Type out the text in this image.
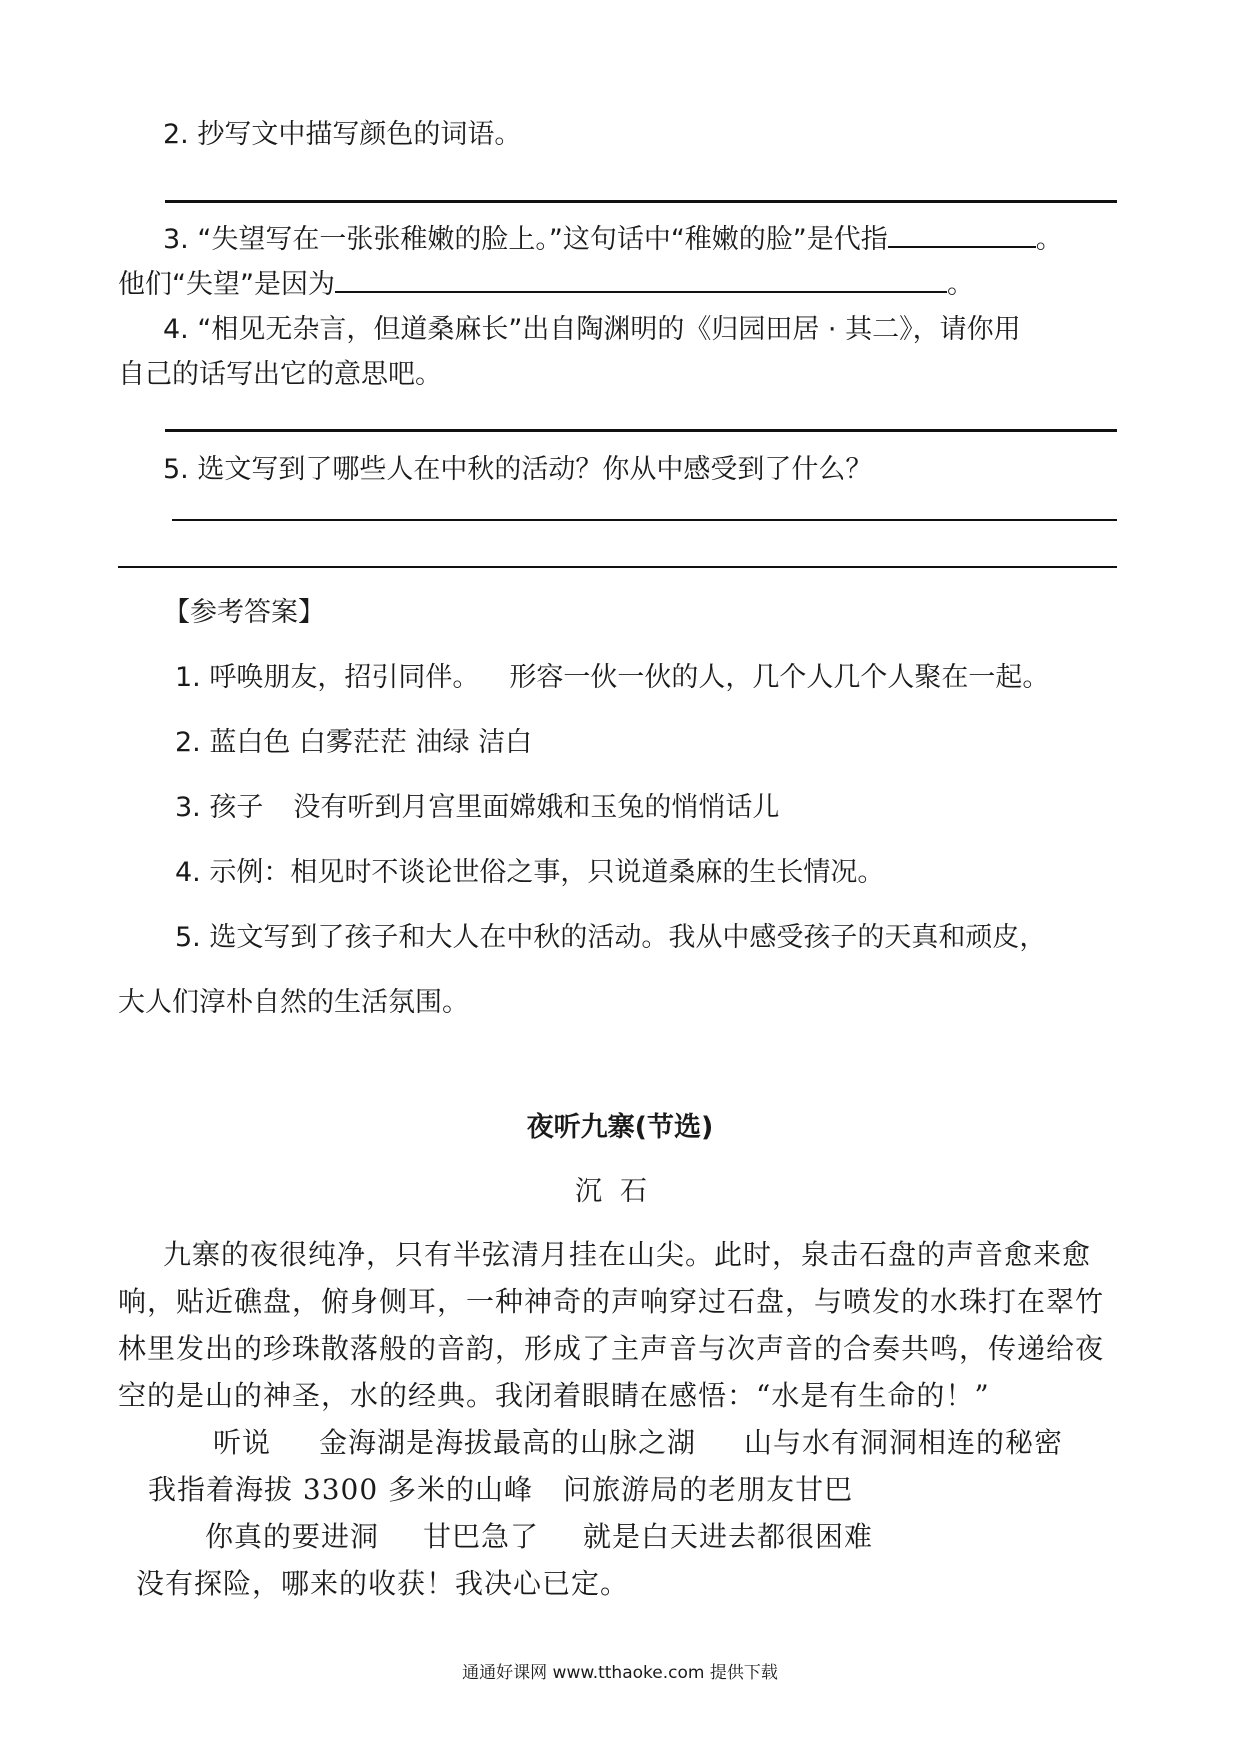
2. 抄写文中描写颜色的词语。
3. “失望写在一张张稚嫩的脸上。”这句话中“稚嫩的脸”是代指	。
他们“失望”是因为	。
4. “相见无杂言，但道桑麻长”出自陶渊明的《归园田居 · 其二》，请你用
自己的话写出它的意思吧。
5. 选文写到了哪些人在中秋的活动？你从中感受到了什么？
【参考答案】
1. 呼唤朋友，招引同伴。 形容一伙一伙的人，几个人几个人聚在一起。
2. 蓝白色 白雾茫茫 油绿 洁白
3. 孩子 没有听到月宫里面嫦娥和玉兔的悄悄话儿
4. 示例：相见时不谈论世俗之事，只说道桑麻的生长情况。
5. 选文写到了孩子和大人在中秋的活动。我从中感受孩子的天真和顽皮，
大人们淳朴自然的生活氛围。
夜听九寨(节选)
沉石
九寨的夜很纯净，只有半弦清月挂在山尖。此时，泉击石盘的声音愈来愈
响，贴近礁盘，俯身侧耳，一种神奇的声响穿过石盘，与喷发的水珠打在翠竹
林里发出的珍珠散落般的音韵，形成了主声音与次声音的合奏共鸣，传递给夜
空的是山的神圣，水的经典。我闭着眼睛在感悟：“水是有生命的！”
听说 金海湖是海拔最高的山脉之湖 山与水有洞洞相连的秘密
我指着海拔 3300 多米的山峰 问旅游局的老朋友甘巴
你真的要进洞 甘巴急了 就是白天进去都很困难
没有探险，哪来的收获！我决心已定。
通通好课网 www.tthaoke.com 提供下载
